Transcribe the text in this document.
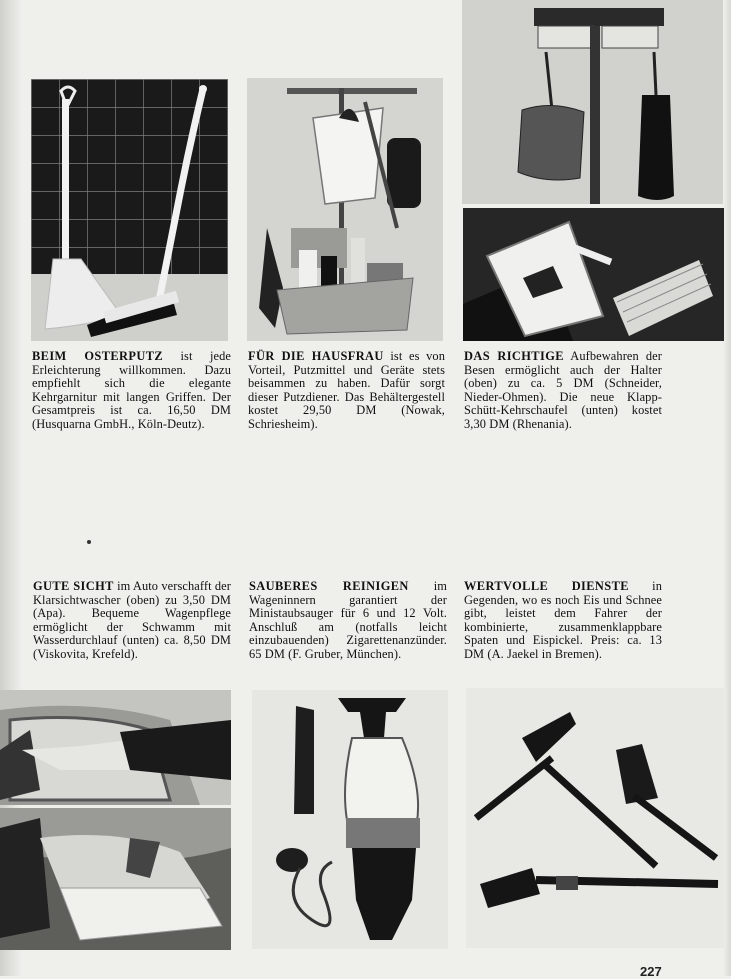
BEIM OSTERPUTZ ist jede Erleichterung willkommen. Dazu empfiehlt sich die elegante Kehrgarnitur mit langen Griffen. Der Gesamtpreis ist ca. 16,50 DM (Husquarna GmbH., Köln-Deutz).

FÜR DIE HAUSFRAU ist es von Vorteil, Putzmittel und Geräte stets beisammen zu haben. Dafür sorgt dieser Putzdiener. Das Behältergestell kostet 29,50 DM (Nowak, Schriesheim).

DAS RICHTIGE Aufbewahren der Besen ermöglicht auch der Halter (oben) zu ca. 5 DM (Schneider, Nieder-Ohmen). Die neue Klapp-Schütt-Kehrschaufel (unten) kostet 3,30 DM (Rhenania).

GUTE SICHT im Auto verschafft der Klarsichtwascher (oben) zu 3,50 DM (Apa). Bequeme Wagenpflege ermöglicht der Schwamm mit Wasserdurchlauf (unten) ca. 8,50 DM (Viskovita, Krefeld).

SAUBERES REINIGEN im Wageninnern garantiert der Ministaubsauger für 6 und 12 Volt. Anschluß am (notfalls leicht einzubauenden) Zigarettenanzünder. 65 DM (F. Gruber, München).

WERTVOLLE DIENSTE in Gegenden, wo es noch Eis und Schnee gibt, leistet dem Fahrer der kombinierte, zusammenklappbare Spaten und Eispickel. Preis: ca. 13 DM (A. Jaekel in Bremen).

227
